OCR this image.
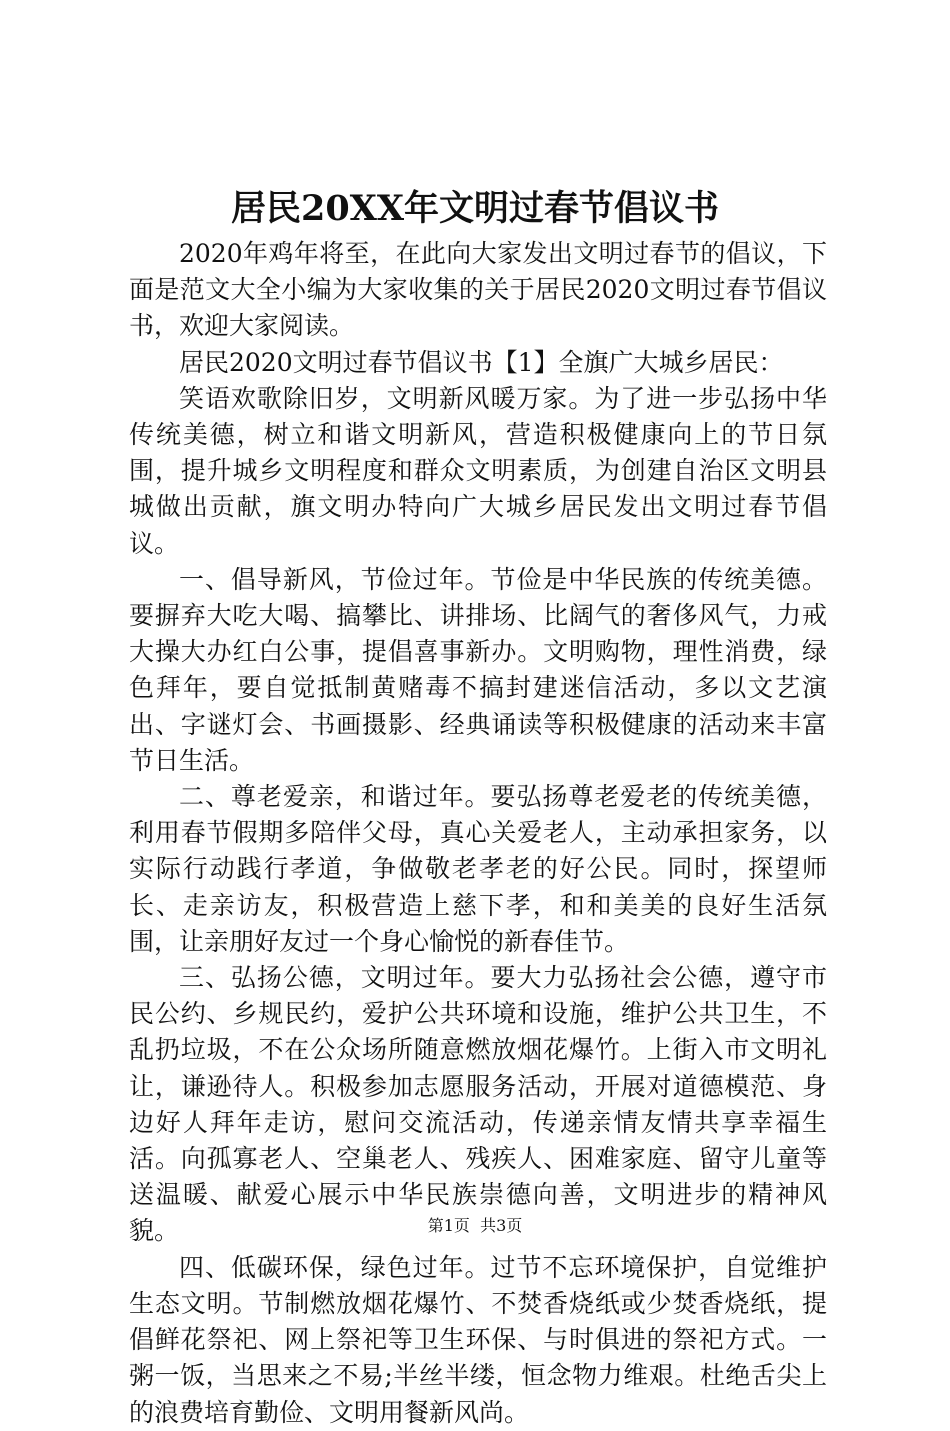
居民20XX年文明过春节倡议书

2020年鸡年将至，在此向大家发出文明过春节的倡议，下面是范文大全小编为大家收集的关于居民2020文明过春节倡议书，欢迎大家阅读。

居民2020文明过春节倡议书【1】全旗广大城乡居民：

笑语欢歌除旧岁，文明新风暖万家。为了进一步弘扬中华传统美德，树立和谐文明新风，营造积极健康向上的节日氛围，提升城乡文明程度和群众文明素质，为创建自治区文明县城做出贡献，旗文明办特向广大城乡居民发出文明过春节倡议。

一、倡导新风，节俭过年。节俭是中华民族的传统美德。要摒弃大吃大喝、搞攀比、讲排场、比阔气的奢侈风气，力戒大操大办红白公事，提倡喜事新办。文明购物，理性消费，绿色拜年，要自觉抵制黄赌毒不搞封建迷信活动，多以文艺演出、字谜灯会、书画摄影、经典诵读等积极健康的活动来丰富节日生活。

二、尊老爱亲，和谐过年。要弘扬尊老爱老的传统美德，利用春节假期多陪伴父母，真心关爱老人，主动承担家务，以实际行动践行孝道，争做敬老孝老的好公民。同时，探望师长、走亲访友，积极营造上慈下孝，和和美美的良好生活氛围，让亲朋好友过一个身心愉悦的新春佳节。

三、弘扬公德，文明过年。要大力弘扬社会公德，遵守市民公约、乡规民约，爱护公共环境和设施，维护公共卫生，不乱扔垃圾，不在公众场所随意燃放烟花爆竹。上街入市文明礼让，谦逊待人。积极参加志愿服务活动，开展对道德模范、身边好人拜年走访，慰问交流活动，传递亲情友情共享幸福生活。向孤寡老人、空巢老人、残疾人、困难家庭、留守儿童等送温暖、献爱心展示中华民族崇德向善，文明进步的精神风貌。

四、低碳环保，绿色过年。过节不忘环境保护，自觉维护生态文明。节制燃放烟花爆竹、不焚香烧纸或少焚香烧纸，提倡鲜花祭祀、网上祭祀等卫生环保、与时俱进的祭祀方式。一粥一饭，当思来之不易;半丝半缕，恒念物力维艰。杜绝舌尖上的浪费培育勤俭、文明用餐新风尚。

第1页 共3页
